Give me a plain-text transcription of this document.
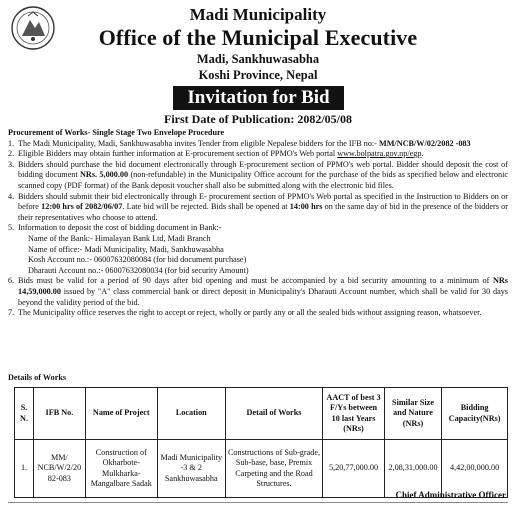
Madi Municipality
Office of the Municipal Executive
Madi, Sankhuwasabha
Koshi Province, Nepal
Invitation for Bid
First Date of Publication: 2082/05/08
Procurement of Works- Single Stage Two Envelope Procedure
1. The Madi Municipality, Madi, Sankhuwasabha invites Tender from eligible Nepalese bidders for the IFB no:- MM/NCB/W/02/2082 -083
2. Eligible Bidders may obtain further information at E-procurement section of PPMO's Web portal www.bolpatra.gov.np/egp.
3. Bidders should purchase the bid document electronically through E-procurement section of PPMO's web portal. Bidder should deposit the cost of bidding document NRs. 5,000.00 (non-refundable) in the Municipality Office account for the purchase of the bids as specified below and electronic scanned copy (PDF format) of the Bank deposit voucher shall also be submitted along with the electronic bid files.
4. Bidders should submit their bid electronically through E- procurement section of PPMO's Web portal as specified in the Instruction to Bidders on or before 12:00 hrs of 2082/06/07. Late bid will be rejected. Bids shall be opened at 14:00 hrs on the same day of bid in the presence of the bidders or their representatives who choose to attend.
5. Information to deposit the cost of bidding document in Bank:-
Name of the Bank:- Himalayan Bank Ltd, Madi Branch
Name of office:- Madi Municipality, Madi, Sankhuwasabha
Kosh Account no.:- 06007632080084 (for bid document purchase)
Dharauti Account no.:- 06007632080034 (for bid security Amount)
6. Bids must be valid for a period of 90 days after bid opening and must be accompanied by a bid security amounting to a minimum of NRs 14,59,000.00 issued by "A" class commercial bank or direct deposit in Municipality's Dharauti Account number, which shall be valid for 30 days beyond the validity period of the bid.
7. The Municipality office reserves the right to accept or reject, wholly or partly any or all the sealed bids without assigning reason, whatsoever.
Details of Works
S. N.	IFB No.	Name of Project	Location	Detail of Works	AACT of best 3 F/Ys between 10 last Years (NRs)	Similar Size and Nature (NRs)	Bidding Capacity(NRs)
1.	MM/ NCB/W/2/20 82-083	Construction of Okharbote-Mulkharka-Mangalbare Sadak	Madi Municipality -3 & 2 Sankhuwasabha	Constructions of Sub-grade, Sub-base, base, Premix Carpeting and the Road Structures.	5,20,77,000.00	2,08,31,000.00	4,42,00,000.00
Chief Administrative Officer
